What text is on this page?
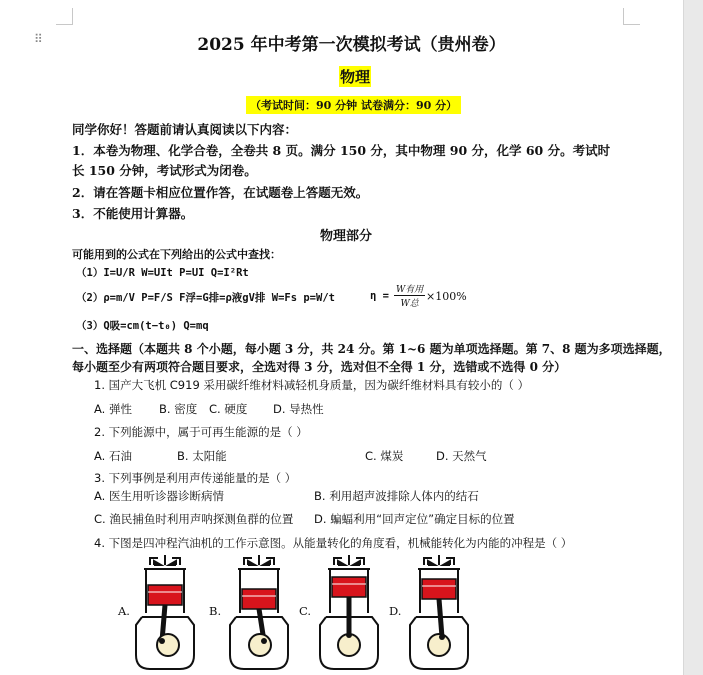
⠿	2025 年中考第一次模拟考试（贵州卷）
物理
（考试时间：90 分钟 试卷满分：90 分）
同学你好！答题前请认真阅读以下内容：
1．本卷为物理、化学合卷，全卷共 8 页。满分 150 分，其中物理 90 分，化学 60 分。考试时
长 150 分钟，考试形式为闭卷。
2．请在答题卡相应位置作答，在试题卷上答题无效。
3．不能使用计算器。
物理部分
可能用到的公式在下列给出的公式中查找：
（1）I=U/R W=UIt P=UI Q=I²Rt
（2）ρ=m/V P=F/S F浮=G排=ρ液gV排 W=Fs p=W/t	η = W有用
W总
×100%
（3）Q吸=cm(t−t₀) Q=mq
一、选择题（本题共 8 个小题，每小题 3 分，共 24 分。第 1~6 题为单项选择题。第 7、8 题为多项选择题，
每小题至少有两项符合题目要求，全选对得 3 分，选对但不全得 1 分，选错或不选得 0 分）
1. 国产大飞机 C919 采用碳纤维材料减轻机身质量，因为碳纤维材料具有较小的（ ）
A. 弹性 B. 密度 C. 硬度 D. 导热性
2. 下列能源中，属于可再生能源的是（ ）
A. 石油	B. 太阳能	C. 煤炭	D. 天然气
3. 下列事例是利用声传递能量的是（ ）
A. 医生用听诊器诊断病情	B. 利用超声波排除人体内的结石
C. 渔民捕鱼时利用声呐探测鱼群的位置 D. 蝙蝠利用“回声定位”确定目标的位置
4. 下图是四冲程汽油机的工作示意图。从能量转化的角度看，机械能转化为内能的冲程是（ ）
A.	B.	C.	D.
